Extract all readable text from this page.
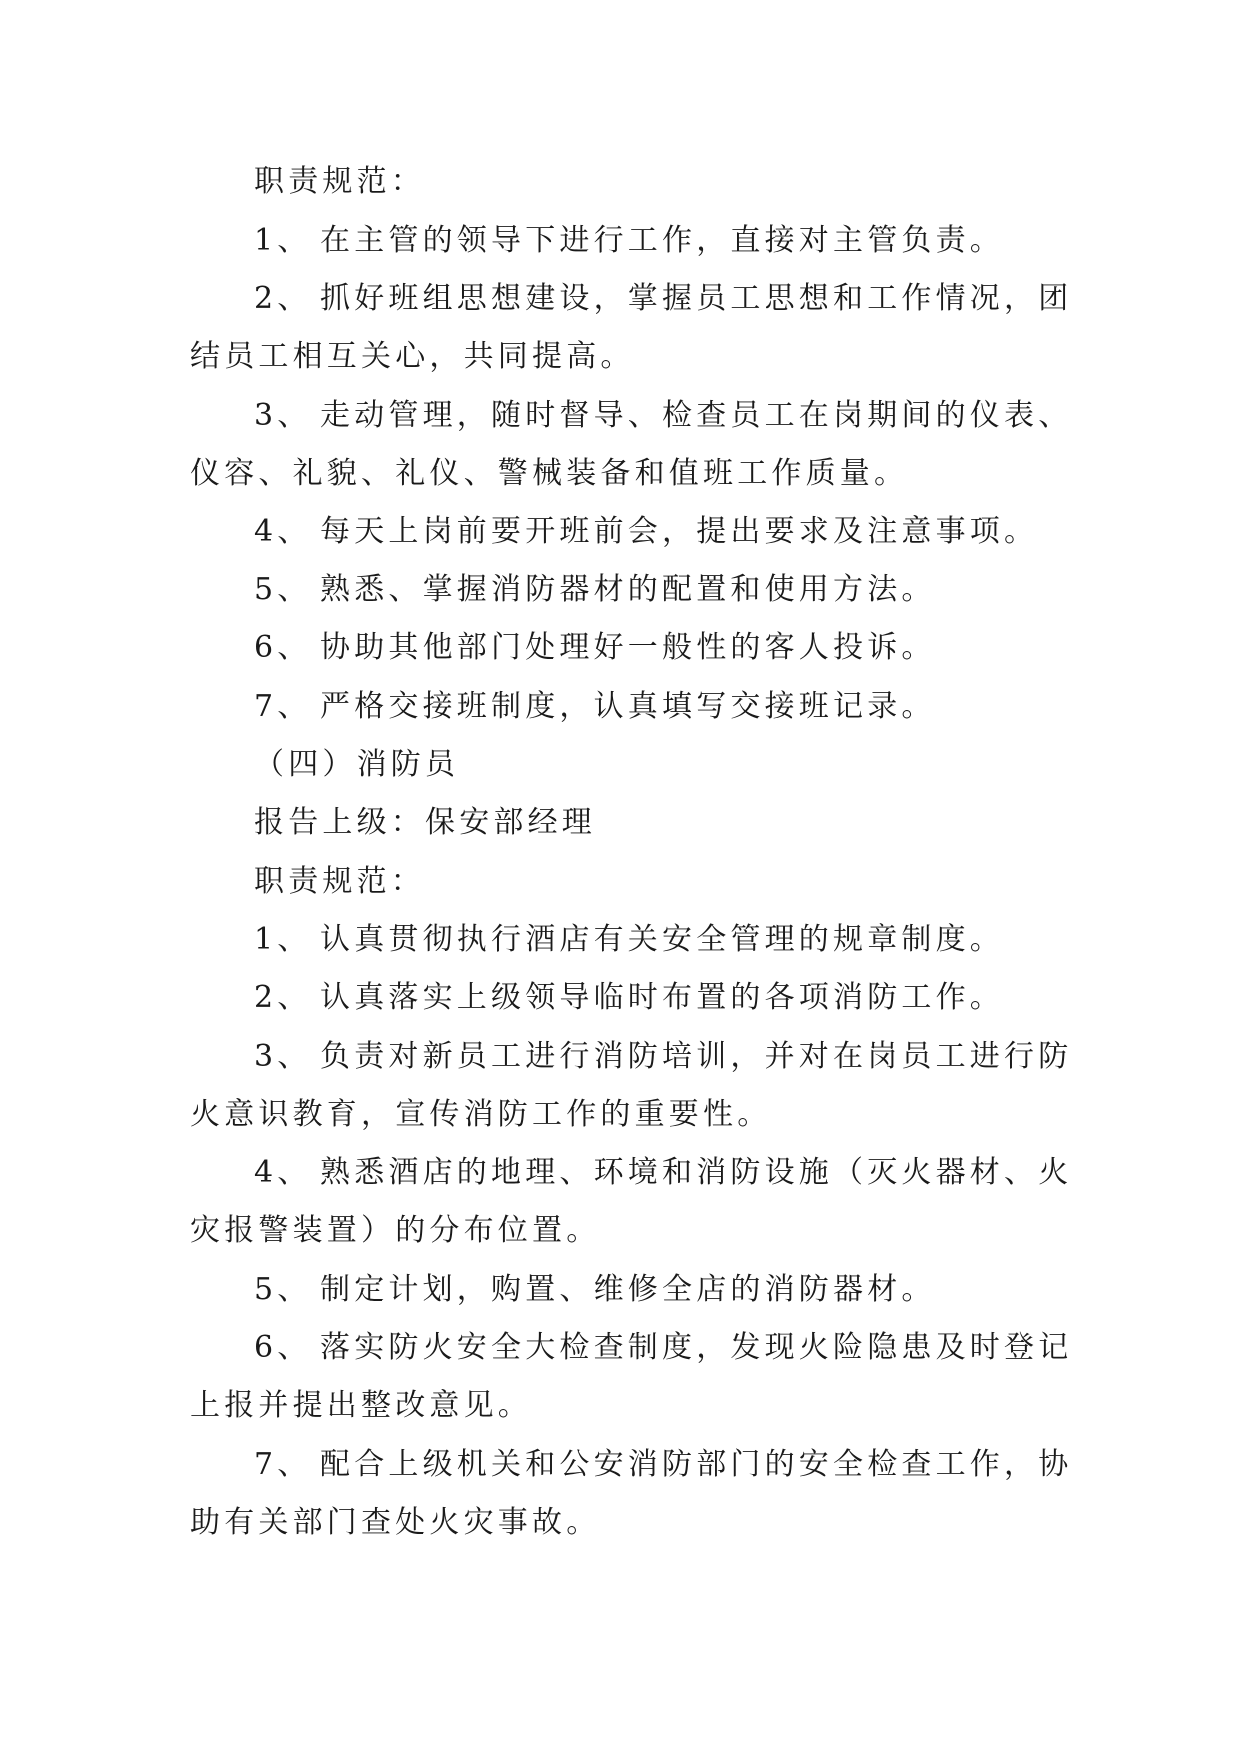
职责规范：
1、 在主管的领导下进行工作，直接对主管负责。
2、 抓好班组思想建设，掌握员工思想和工作情况，团
结员工相互关心，共同提高。
3、 走动管理，随时督导、检查员工在岗期间的仪表、
仪容、礼貌、礼仪、警械装备和值班工作质量。
4、 每天上岗前要开班前会，提出要求及注意事项。
5、 熟悉、掌握消防器材的配置和使用方法。
6、 协助其他部门处理好一般性的客人投诉。
7、 严格交接班制度，认真填写交接班记录。
（四）消防员
报告上级：保安部经理
职责规范：
1、 认真贯彻执行酒店有关安全管理的规章制度。
2、 认真落实上级领导临时布置的各项消防工作。
3、 负责对新员工进行消防培训，并对在岗员工进行防
火意识教育，宣传消防工作的重要性。
4、 熟悉酒店的地理、环境和消防设施（灭火器材、火
灾报警装置）的分布位置。
5、 制定计划，购置、维修全店的消防器材。
6、 落实防火安全大检查制度，发现火险隐患及时登记
上报并提出整改意见。
7、 配合上级机关和公安消防部门的安全检查工作，协
助有关部门查处火灾事故。
